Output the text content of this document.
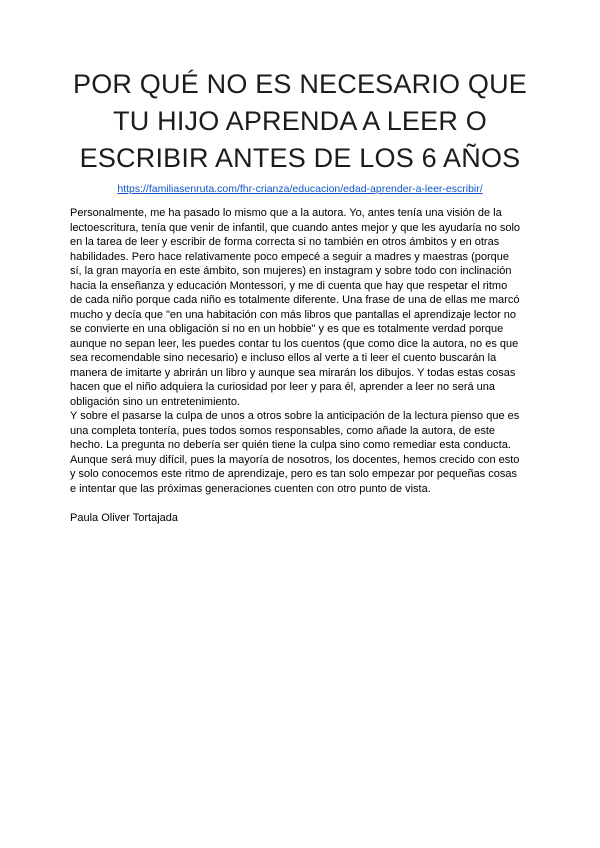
POR QUÉ NO ES NECESARIO QUE
TU HIJO APRENDA A LEER O
ESCRIBIR ANTES DE LOS 6 AÑOS
https://familiasenruta.com/fhr-crianza/educacion/edad-aprender-a-leer-escribir/
Personalmente, me ha pasado lo mismo que a la autora. Yo, antes tenía una visión de la
lectoescritura, tenía que venir de infantil, que cuando antes mejor y que les ayudaría no solo
en la tarea de leer y escribir de forma correcta si no también en otros ámbitos y en otras
habilidades. Pero hace relativamente poco empecé a seguir a madres y maestras (porque
sí, la gran mayoría en este ámbito, son mujeres) en instagram y sobre todo con inclinación
hacia la enseñanza y educación Montessori, y me di cuenta que hay que respetar el ritmo
de cada niño porque cada niño es totalmente diferente. Una frase de una de ellas me marcó
mucho y decía que "en una habitación con más libros que pantallas el aprendizaje lector no
se convierte en una obligación si no en un hobbie" y es que es totalmente verdad porque
aunque no sepan leer, les puedes contar tu los cuentos (que como dice la autora, no es que
sea recomendable sino necesario) e incluso ellos al verte a ti leer el cuento buscarán la
manera de imitarte y abrirán un libro y aunque sea mirarán los dibujos. Y todas estas cosas
hacen que el niño adquiera la curiosidad por leer y para él, aprender a leer no será una
obligación sino un entretenimiento.
Y sobre el pasarse la culpa de unos a otros sobre la anticipación de la lectura pienso que es
una completa tontería, pues todos somos responsables, como añade la autora, de este
hecho. La pregunta no debería ser quién tiene la culpa sino como remediar esta conducta.
Aunque será muy difícil, pues la mayoría de nosotros, los docentes, hemos crecido con esto
y solo conocemos este ritmo de aprendizaje, pero es tan solo empezar por pequeñas cosas
e intentar que las próximas generaciones cuenten con otro punto de vista.
Paula Oliver Tortajada
